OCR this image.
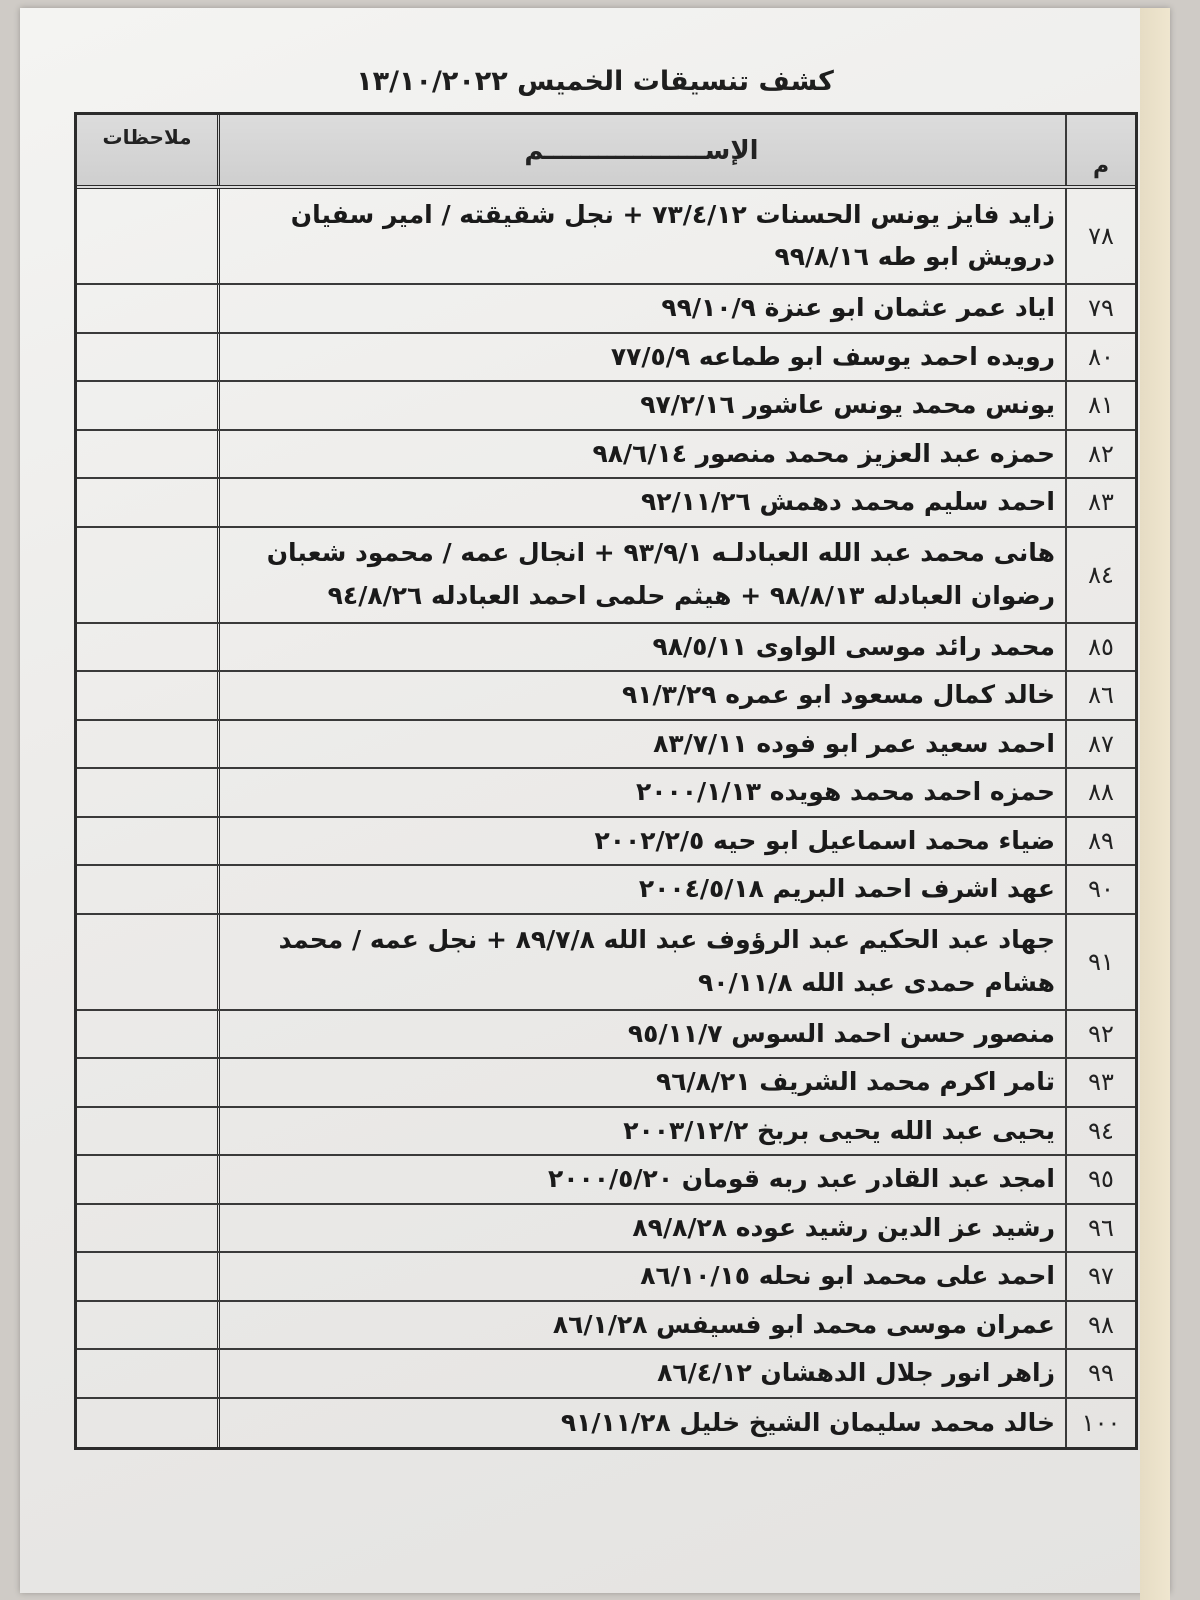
كشف تنسيقات الخميس ١٣/١٠/٢٠٢٢
م
الإســــــــــــــــــم
ملاحظات
٧٨
زايد فايز يونس الحسنات ٧٣/٤/١٢ + نجل شقيقته / امير سفيان درويش ابو طه ٩٩/٨/١٦
٧٩
اياد عمر عثمان ابو عنزة ٩٩/١٠/٩
٨٠
رويده احمد يوسف ابو طماعه ٧٧/٥/٩
٨١
يونس محمد يونس عاشور ٩٧/٢/١٦
٨٢
حمزه عبد العزيز محمد منصور ٩٨/٦/١٤
٨٣
احمد سليم محمد دهمش ٩٢/١١/٢٦
٨٤
هانى محمد عبد الله العبادلـه ٩٣/٩/١ + انجال عمه / محمود شعبان رضوان العبادله ٩٨/٨/١٣ + هيثم حلمى احمد العبادله ٩٤/٨/٢٦
٨٥
محمد رائد موسى الواوى ٩٨/٥/١١
٨٦
خالد كمال مسعود ابو عمره ٩١/٣/٢٩
٨٧
احمد سعيد عمر ابو فوده ٨٣/٧/١١
٨٨
حمزه احمد محمد هويده ٢٠٠٠/١/١٣
٨٩
ضياء محمد اسماعيل ابو حيه ٢٠٠٢/٢/٥
٩٠
عهد اشرف احمد البريم ٢٠٠٤/٥/١٨
٩١
جهاد عبد الحكيم عبد الرؤوف عبد الله ٨٩/٧/٨ + نجل عمه / محمد هشام حمدى عبد الله ٩٠/١١/٨
٩٢
منصور حسن احمد السوس ٩٥/١١/٧
٩٣
تامر اكرم محمد الشريف ٩٦/٨/٢١
٩٤
يحيى عبد الله يحيى بربخ ٢٠٠٣/١٢/٢
٩٥
امجد عبد القادر عبد ربه قومان ٢٠٠٠/٥/٢٠
٩٦
رشيد عز الدين رشيد عوده ٨٩/٨/٢٨
٩٧
احمد على محمد ابو نحله ٨٦/١٠/١٥
٩٨
عمران موسى محمد ابو فسيفس ٨٦/١/٢٨
٩٩
زاهر انور جلال الدهشان ٨٦/٤/١٢
١٠٠
خالد محمد سليمان الشيخ خليل ٩١/١١/٢٨
